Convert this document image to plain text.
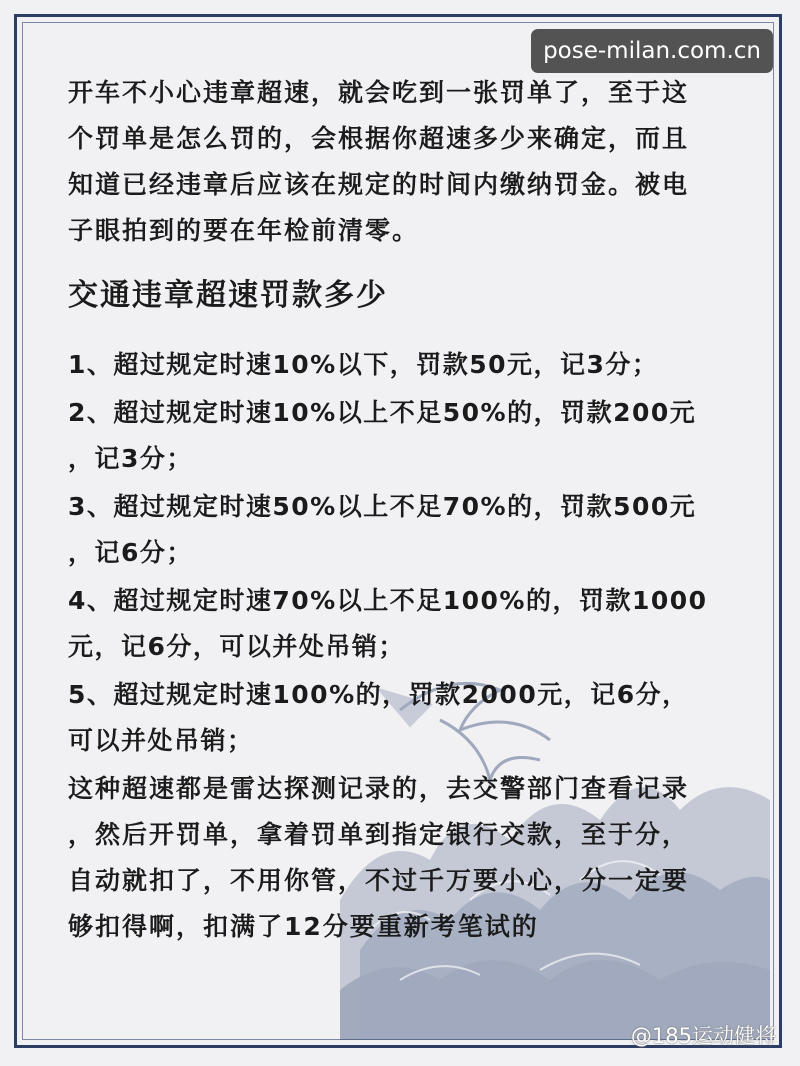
pose-milan.com.cn
开车不小心违章超速，就会吃到一张罚单了，至于这
个罚单是怎么罚的，会根据你超速多少来确定，而且
知道已经违章后应该在规定的时间内缴纳罚金。被电
子眼拍到的要在年检前清零。
交通违章超速罚款多少
1、超过规定时速10%以下，罚款50元，记3分；
2、超过规定时速10%以上不足50%的，罚款200元
，记3分；
3、超过规定时速50%以上不足70%的，罚款500元
，记6分；
4、超过规定时速70%以上不足100%的，罚款1000
元，记6分，可以并处吊销；
5、超过规定时速100%的，罚款2000元，记6分，
可以并处吊销；
这种超速都是雷达探测记录的，去交警部门查看记录
，然后开罚单，拿着罚单到指定银行交款，至于分，
自动就扣了，不用你管，不过千万要小心，分一定要
够扣得啊，扣满了12分要重新考笔试的
@185运动健将
